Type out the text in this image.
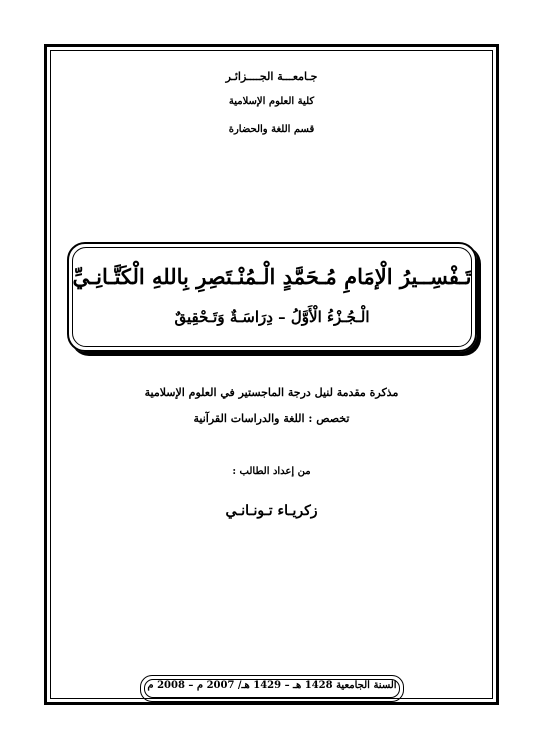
جـامعـــة الجــــزائـر
كلية العلوم الإسلامية
قسم اللغة والحضارة
تَـفْسِــيرُ الْإمَامِ مُـحَمَّدٍ الْـمُنْـتَصِرِ بِاللهِ الْكَتَّـانِـيِّ
الْـجُـزْءُ الْأَوَّلُ – دِرَاسَـةٌ وَتَـحْقِيقٌ
مذكرة مقدمة لنيل درجة الماجستير في العلوم الإسلامية
تخصص : اللغة والدراسات القرآنية
من إعداد الطالب :
زكريـاء تـونـانـي
السنة الجامعية 1428 هـ – 1429 هـ/ 2007 م – 2008 م
